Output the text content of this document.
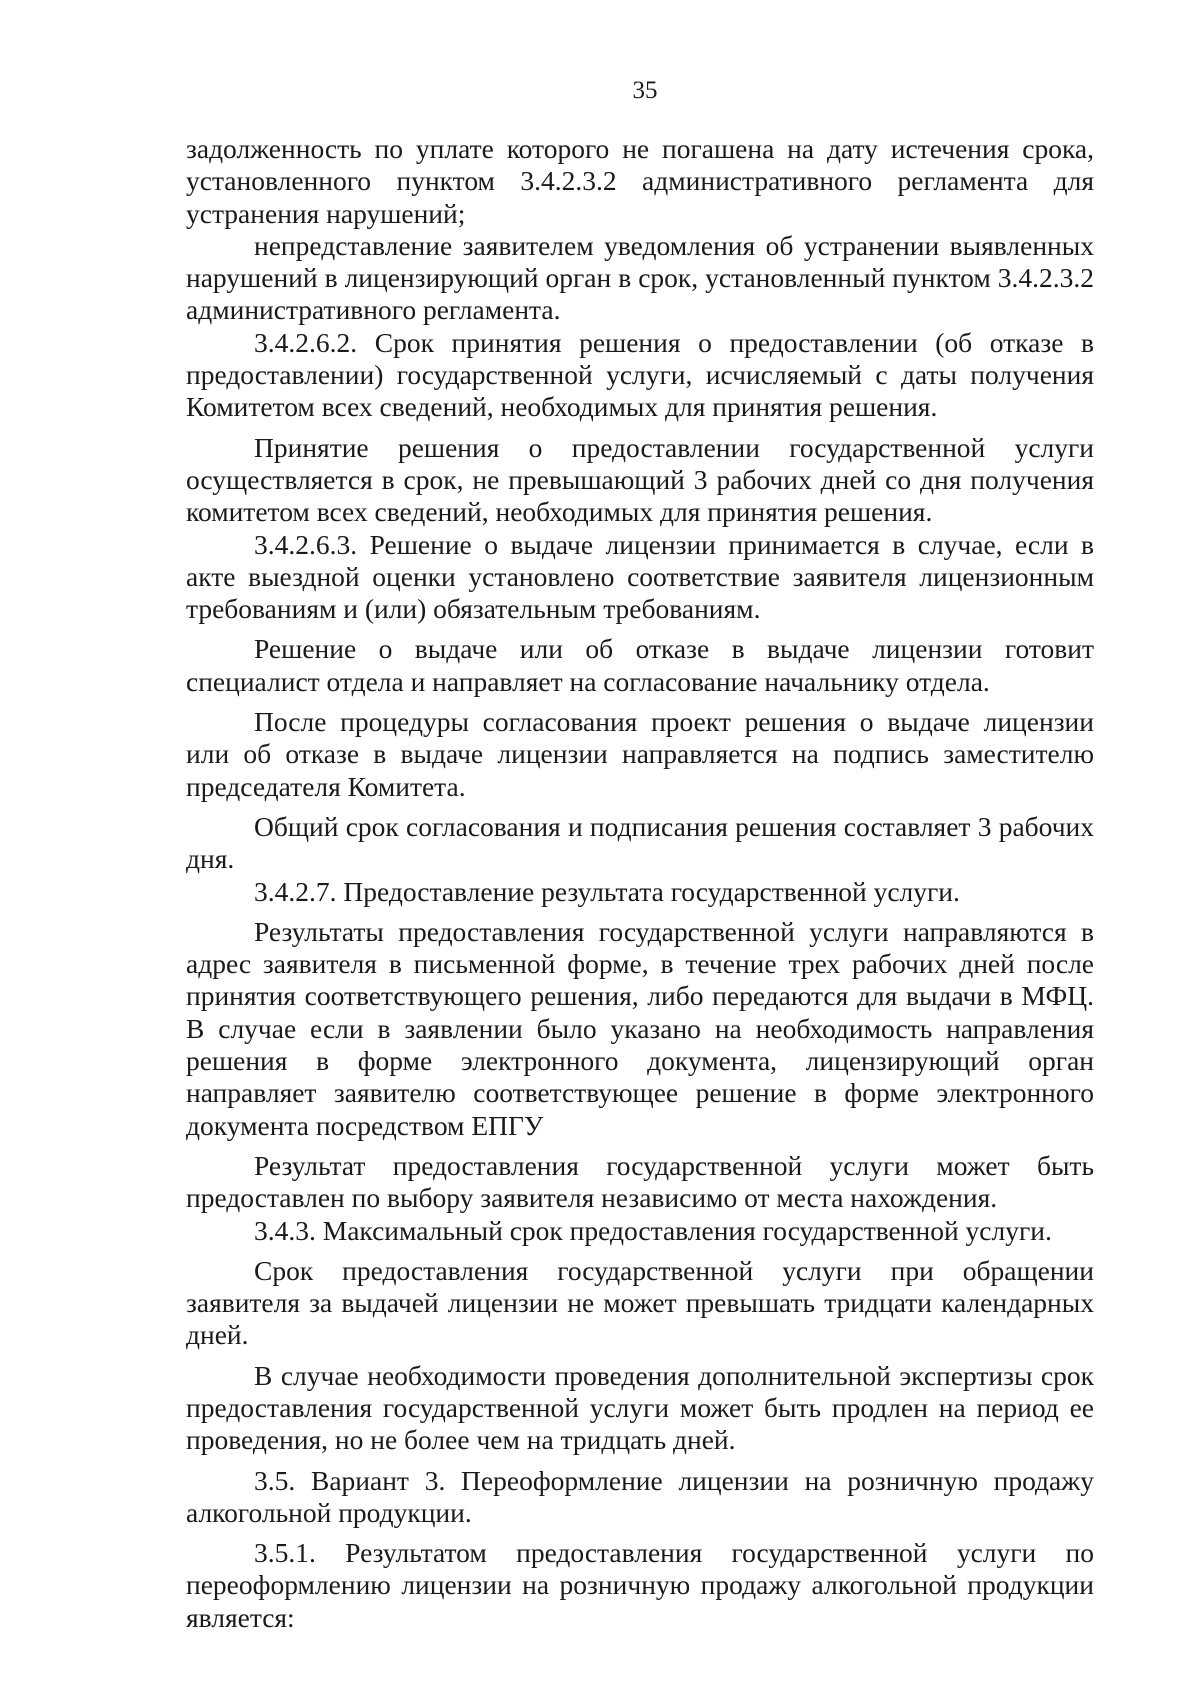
35

задолженность по уплате которого не погашена на дату истечения срока, установленного пунктом 3.4.2.3.2 административного регламента для устранения нарушений;

непредставление заявителем уведомления об устранении выявленных нарушений в лицензирующий орган в срок, установленный пунктом 3.4.2.3.2 административного регламента.

3.4.2.6.2. Срок принятия решения о предоставлении (об отказе в предоставлении) государственной услуги, исчисляемый с даты получения Комитетом всех сведений, необходимых для принятия решения.

Принятие решения о предоставлении государственной услуги осуществляется в срок, не превышающий 3 рабочих дней со дня получения комитетом всех сведений, необходимых для принятия решения.

3.4.2.6.3. Решение о выдаче лицензии принимается в случае, если в акте выездной оценки установлено соответствие заявителя лицензионным требованиям и (или) обязательным требованиям.

Решение о выдаче или об отказе в выдаче лицензии готовит специалист отдела и направляет на согласование начальнику отдела.

После процедуры согласования проект решения о выдаче лицензии или об отказе в выдаче лицензии направляется на подпись заместителю председателя Комитета.

Общий срок согласования и подписания решения составляет 3 рабочих дня.

3.4.2.7. Предоставление результата государственной услуги.

Результаты предоставления государственной услуги направляются в адрес заявителя в письменной форме, в течение трех рабочих дней после принятия соответствующего решения, либо передаются для выдачи в МФЦ. В случае если в заявлении было указано на необходимость направления решения в форме электронного документа, лицензирующий орган направляет заявителю соответствующее решение в форме электронного документа посредством ЕПГУ

Результат предоставления государственной услуги может быть предоставлен по выбору заявителя независимо от места нахождения.

3.4.3. Максимальный срок предоставления государственной услуги.

Срок предоставления государственной услуги при обращении заявителя за выдачей лицензии не может превышать тридцати календарных дней.

В случае необходимости проведения дополнительной экспертизы срок предоставления государственной услуги может быть продлен на период ее проведения, но не более чем на тридцать дней.

3.5. Вариант 3. Переоформление лицензии на розничную продажу алкогольной продукции.

3.5.1. Результатом предоставления государственной услуги по переоформлению лицензии на розничную продажу алкогольной продукции является:
